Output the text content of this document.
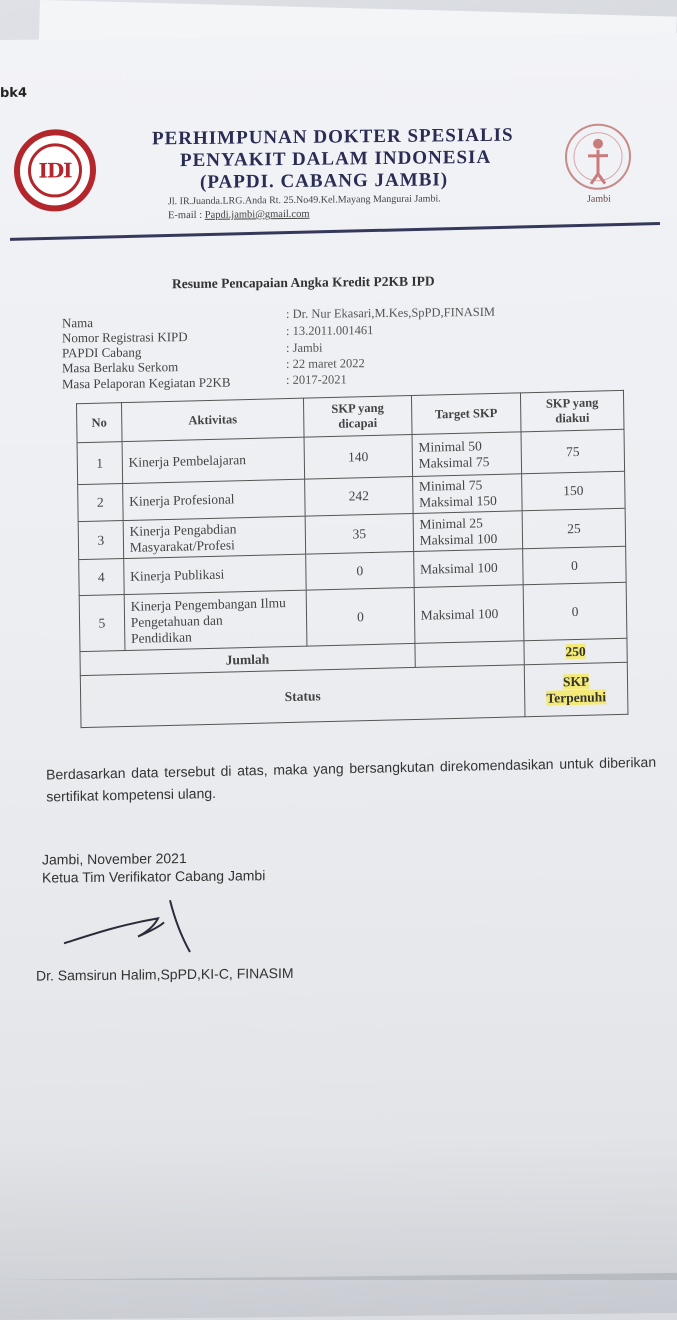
bk4
IDI
Jambi
PERHIMPUNAN DOKTER SPESIALIS
PENYAKIT DALAM INDONESIA
(PAPDI. CABANG JAMBI)
Jl. IR.Juanda.LRG.Anda Rt. 25.No49.Kel.Mayang Mangurai Jambi.
E-mail : Papdi.jambi@gmail.com
Resume Pencapaian Angka Kredit P2KB IPD
Nama
: Dr. Nur Ekasari,M.Kes,SpPD,FINASIM
Nomor Registrasi KIPD	: 13.2011.001461
PAPDI Cabang	: Jambi
Masa Berlaku Serkom	: 22 maret 2022
Masa Pelaporan Kegiatan P2KB	: 2017-2021
No	Aktivitas	SKP yang
dicapai	Target SKP	SKP yang
diakui
1	Kinerja Pembelajaran	140	Minimal 50
Maksimal 75	75
2	Kinerja Profesional	242	Minimal 75
Maksimal 150	150
3	Kinerja Pengabdian
Masyarakat/Profesi	35	Minimal 25
Maksimal 100	25
4	Kinerja Publikasi	0	Maksimal 100	0
5	Kinerja Pengembangan Ilmu
Pengetahuan dan
Pendidikan	0	Maksimal 100	0
Jumlah				250
Status				SKP
Terpenuhi
Berdasarkan data tersebut di atas, maka yang bersangkutan direkomendasikan untuk diberikan sertifikat kompetensi ulang.
Jambi, November 2021
Ketua Tim Verifikator Cabang Jambi
Dr. Samsirun Halim,SpPD,KI-C, FINASIM
